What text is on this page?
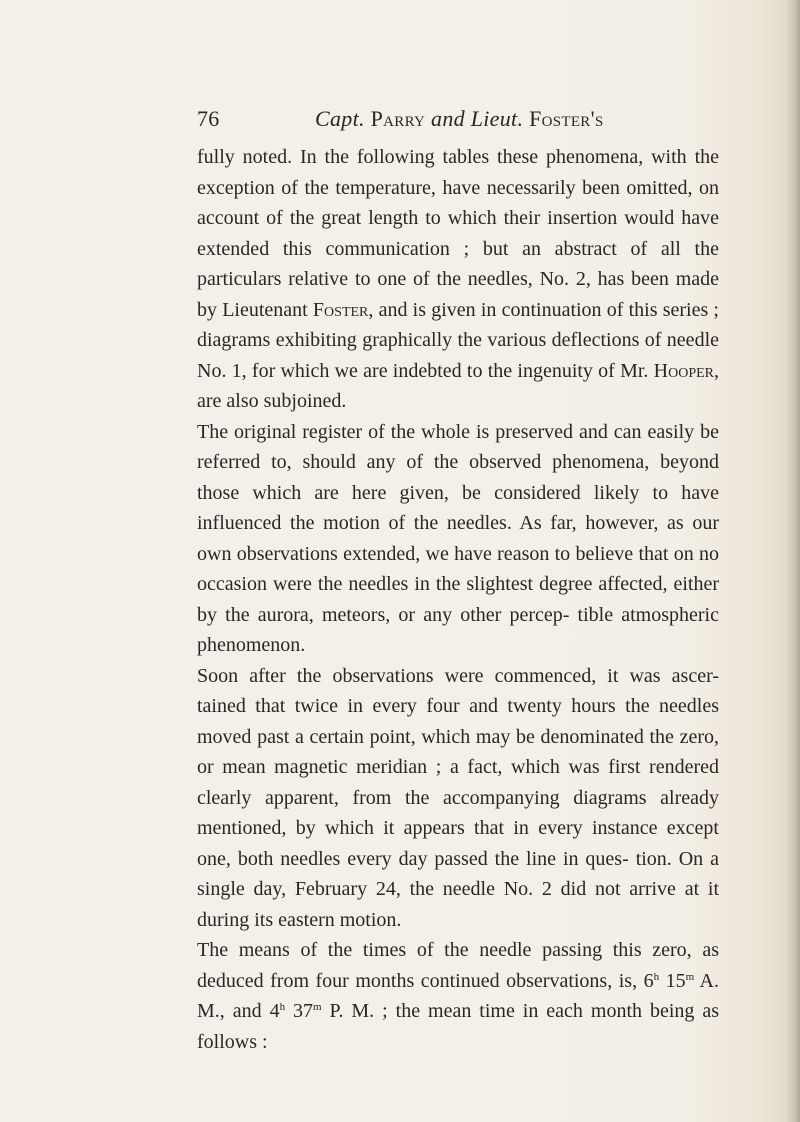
76	Capt. Parry and Lieut. Foster's

fully noted. In the following tables these phenomena, with the exception of the temperature, have necessarily been omitted, on account of the great length to which their insertion would have extended this communication ; but an abstract of all the particulars relative to one of the needles, No. 2, has been made by Lieutenant Foster, and is given in continuation of this series ; diagrams exhibiting graphically the various deflections of needle No. 1, for which we are indebted to the ingenuity of Mr. Hooper, are also subjoined.

The original register of the whole is preserved and can easily be referred to, should any of the observed phenomena, beyond those which are here given, be considered likely to have influenced the motion of the needles. As far, however, as our own observations extended, we have reason to believe that on no occasion were the needles in the slightest degree affected, either by the aurora, meteors, or any other percep- tible atmospheric phenomenon.

Soon after the observations were commenced, it was ascer- tained that twice in every four and twenty hours the needles moved past a certain point, which may be denominated the zero, or mean magnetic meridian ; a fact, which was first rendered clearly apparent, from the accompanying diagrams already mentioned, by which it appears that in every instance except one, both needles every day passed the line in ques- tion. On a single day, February 24, the needle No. 2 did not arrive at it during its eastern motion.

The means of the times of the needle passing this zero, as deduced from four months continued observations, is, 6$^h$ 15$^m$ A. M., and 4$^h$ 37$^m$ P. M. ; the mean time in each month being as follows :
